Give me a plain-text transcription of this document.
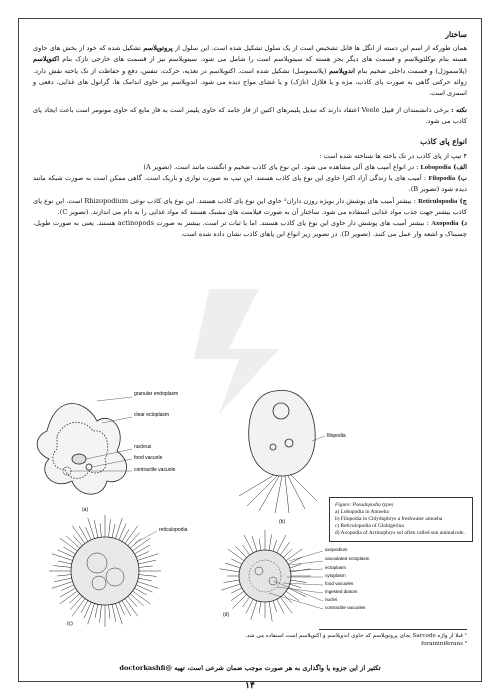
ساختار

همان طورکه از اسم این دسته از انگل ها قابل تشخیص است از یک سلول تشکیل شده است. این سلول از پروتوپلاسم تشکیل شده که خود از بخش های حاوی هسته بنام نوکلئوپلاسم و قسمت های دیگر بجز هسته که سیتوپلاسم است را شامل می شود. سیتوپلاسم نیز از قسمت های خارجی نازک بنام اکتوپلاسم (پلاسموژل) و قسمت داخلی ضخیم بنام اندوپلاسم (پلاسموسل) تشکیل شده است. اکتوپلاسم در تغذیه، حرکت، تنفس، دفع و حفاظت از تک یاخته نقش دارد. زوائد حرکتی گاهی به صورت پای کاذب، مژه و یا فلاژل (تاژک) و یا غشای مواج دیده می شود. اندوپلاسم نیز حاوی اندامک ها، گرانول های غذایی، دفعی و اسمزی است.

نکته : برخی دانشمندان از قبیل Veele اعتقاد دارند که تبدیل پلیمرهای اکتین از فاز جامد که حاوی پلیمر است به فاز مایع که حاوی مونومر است باعث ایجاد پای کاذب می شود.

انواع پای کاذب

۴ تیپ از پای کاذب در تک یاخته ها شناخته شده است :

الف) Lobopodia : در انواع آمیب های آلی مشاهده می شود. این نوع پای کاذب ضخیم و انگشت مانند است. (تصویر A)

ب) Filopodia : آمیب های با زندگی آزاد اکثرا حاوی این نوع پای کاذب هستند. این تیپ به صورت نواری و باریک است. گاهی ممکن است به صورت شبکه مانند دیده شود (تصویر B).

ج) Reticulopodia : بیشتر آمیب های پوشش دار بویژه روزن داران² حاوی این نوع پای کاذب هستند. این نوع پای کاذب نوعی Rhizopodium است. این نوع پای کاذب بیشتر جهت جذب مواد غذایی استفاده می شود. ساختار آن به صورت فیلامنت های مشبک هستند که مواد غذایی را به دام می اندازند. (تصویر C).

د) Axopodia : بیشتر آمیب های پوشش دار حاوی این نوع پای کاذب هستند. اما با ثبات تر است. بیشتر به صورت actinopods هستند. یعنی به صورت طویل، چسبناک و اشعه وار عمل می کنند. (تصویر D). در تصویر زیر انواع این پاهای کاذب نشان داده شده است.

granular endoplasm
clear ectoplasm
nucleus
food vacuole
contractile vacuole
(a)
filopodia
(b)
reticulopodia
(c)
axopodium
vacuolated ectoplasm
ectoplasm
cytoplasm
food vacuoles
ingested diatom
nuclei
contractile vacuoles
(d)
Figure: Pseudopodia types
a) Lobopodia in Amoeba
b) Filopodia in Chlydophrys a freshwater amoeba
c) Reticulopodia of Globigerina
d) Axopodia of Actinophrys sol often called sun animalcule.
¹ قبلا از واژه Sarcode بجای پروتوپلاسم که حاوی اندوپلاسم و اکتوپلاسم است استفاده می شد.
² foraminiferans
تکثیر از این جزوه یا واگذاری به هر صورت موجب ضمان شرعی است، تهیه @doctorkashfi
۱۴
